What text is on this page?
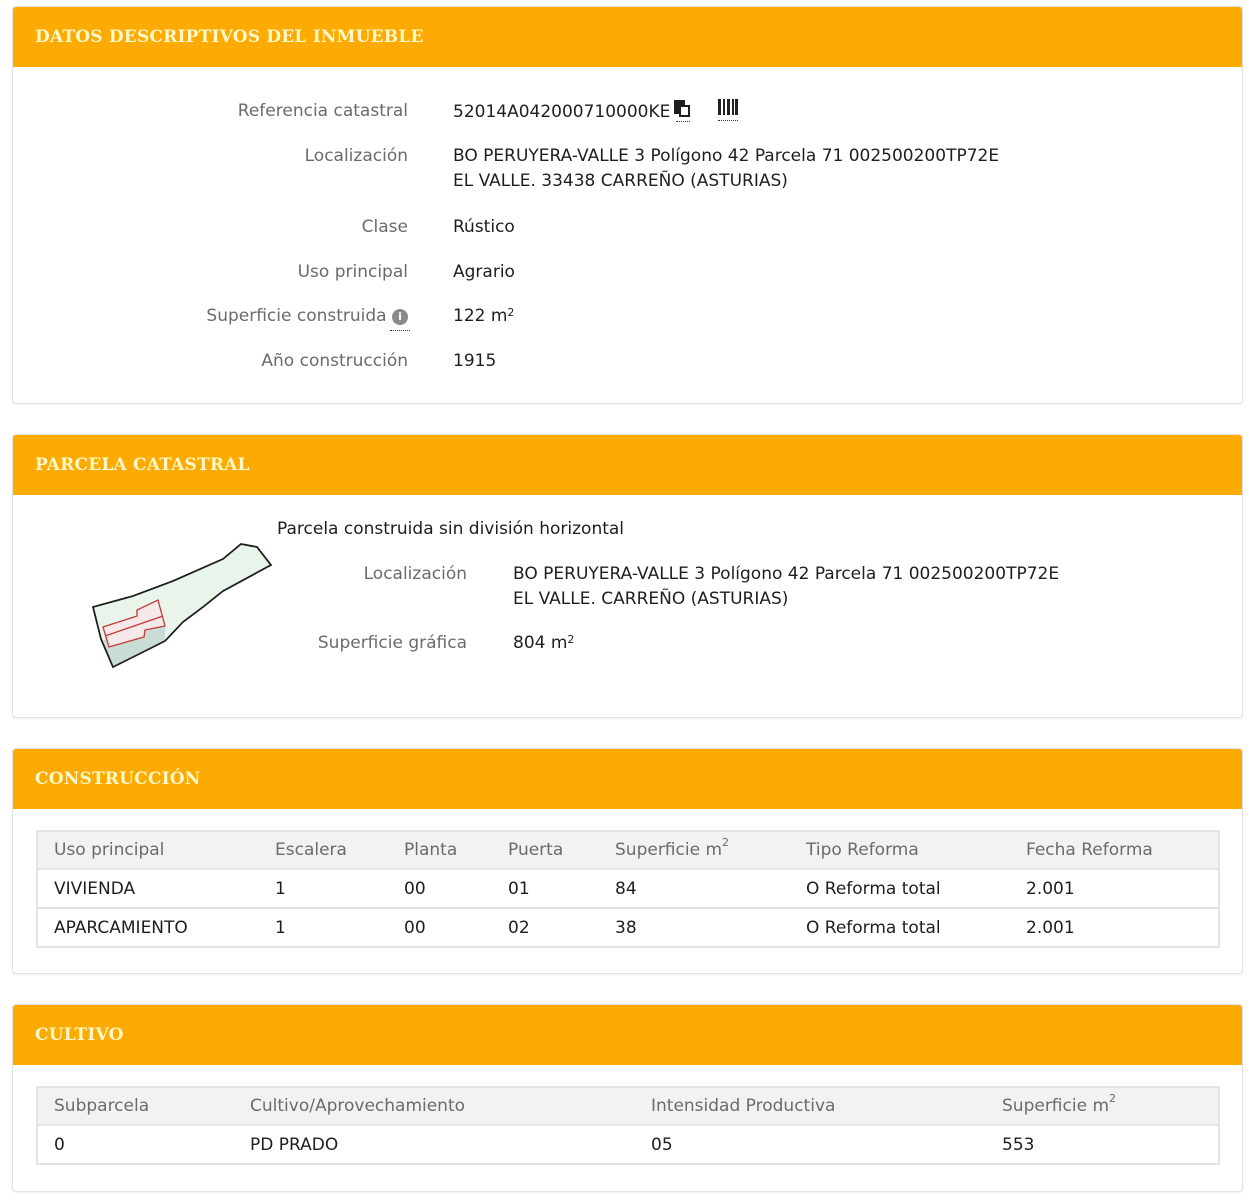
DATOS DESCRIPTIVOS DEL INMUEBLE
Referencia catastral	52014A042000710000KE
Localización	BO PERUYERA-VALLE 3 Polígono 42 Parcela 71 002500200TP72E
EL VALLE. 33438 CARREÑO (ASTURIAS)
Clase	Rústico
Uso principal	Agrario
Superficie construida i	122 $m^2$
Año construcción	1915
PARCELA CATASTRAL
Parcela construida sin división horizontal
Localización	BO PERUYERA-VALLE 3 Polígono 42 Parcela 71 002500200TP72E
EL VALLE. CARREÑO (ASTURIAS)
Superficie gráfica	804 $m^2$
CONSTRUCCIÓN
Uso principal	Escalera	Planta	Puerta	Superficie $m^2$	Tipo Reforma	Fecha Reforma
VIVIENDA	1	00	01	84	O Reforma total	2.001
APARCAMIENTO	1	00	02	38	O Reforma total	2.001
CULTIVO
Subparcela	Cultivo/Aprovechamiento	Intensidad Productiva	Superficie $m^2$
0	PD PRADO	05	553
